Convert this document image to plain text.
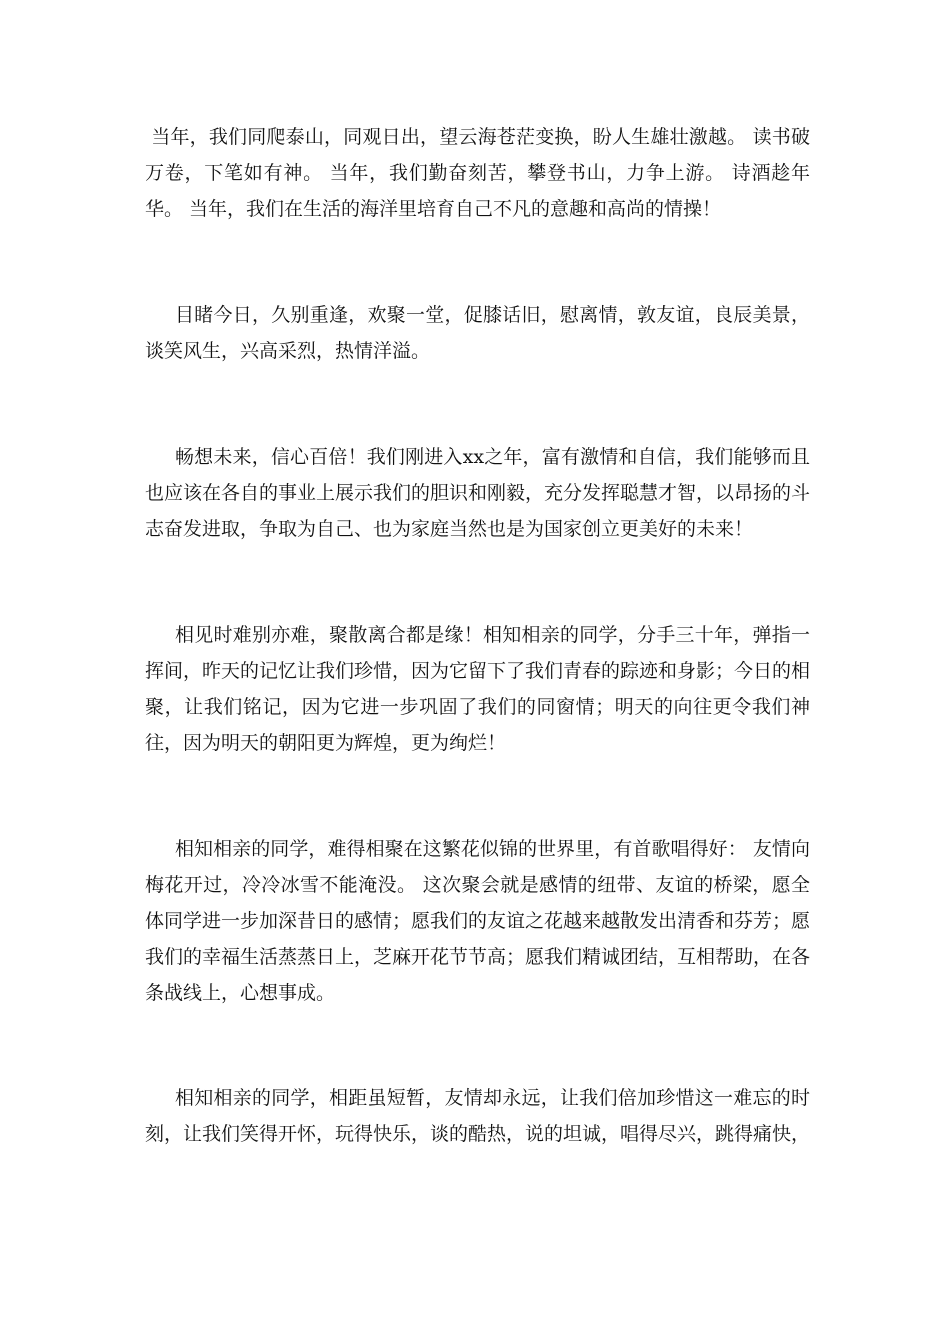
当年，我们同爬泰山，同观日出，望云海苍茫变换，盼人生雄壮激越。 读书破万卷，下笔如有神。 当年，我们勤奋刻苦，攀登书山，力争上游。 诗酒趁年华。 当年，我们在生活的海洋里培育自己不凡的意趣和高尚的情操！

目睹今日，久别重逢，欢聚一堂，促膝话旧，慰离情，敦友谊，良辰美景，谈笑风生，兴高采烈，热情洋溢。

畅想未来，信心百倍！我们刚进入xx之年，富有激情和自信，我们能够而且也应该在各自的事业上展示我们的胆识和刚毅，充分发挥聪慧才智，以昂扬的斗志奋发进取，争取为自己、也为家庭当然也是为国家创立更美好的未来！

相见时难别亦难，聚散离合都是缘！相知相亲的同学，分手三十年，弹指一挥间，昨天的记忆让我们珍惜，因为它留下了我们青春的踪迹和身影；今日的相聚，让我们铭记，因为它进一步巩固了我们的同窗情；明天的向往更令我们神往，因为明天的朝阳更为辉煌，更为绚烂！

相知相亲的同学，难得相聚在这繁花似锦的世界里，有首歌唱得好： 友情向梅花开过，冷冷冰雪不能淹没。 这次聚会就是感情的纽带、友谊的桥梁，愿全体同学进一步加深昔日的感情；愿我们的友谊之花越来越散发出清香和芬芳；愿我们的幸福生活蒸蒸日上，芝麻开花节节高；愿我们精诚团结，互相帮助，在各条战线上，心想事成。

相知相亲的同学，相距虽短暂，友情却永远，让我们倍加珍惜这一难忘的时刻，让我们笑得开怀，玩得快乐，谈的酷热，说的坦诚，唱得尽兴，跳得痛快，
